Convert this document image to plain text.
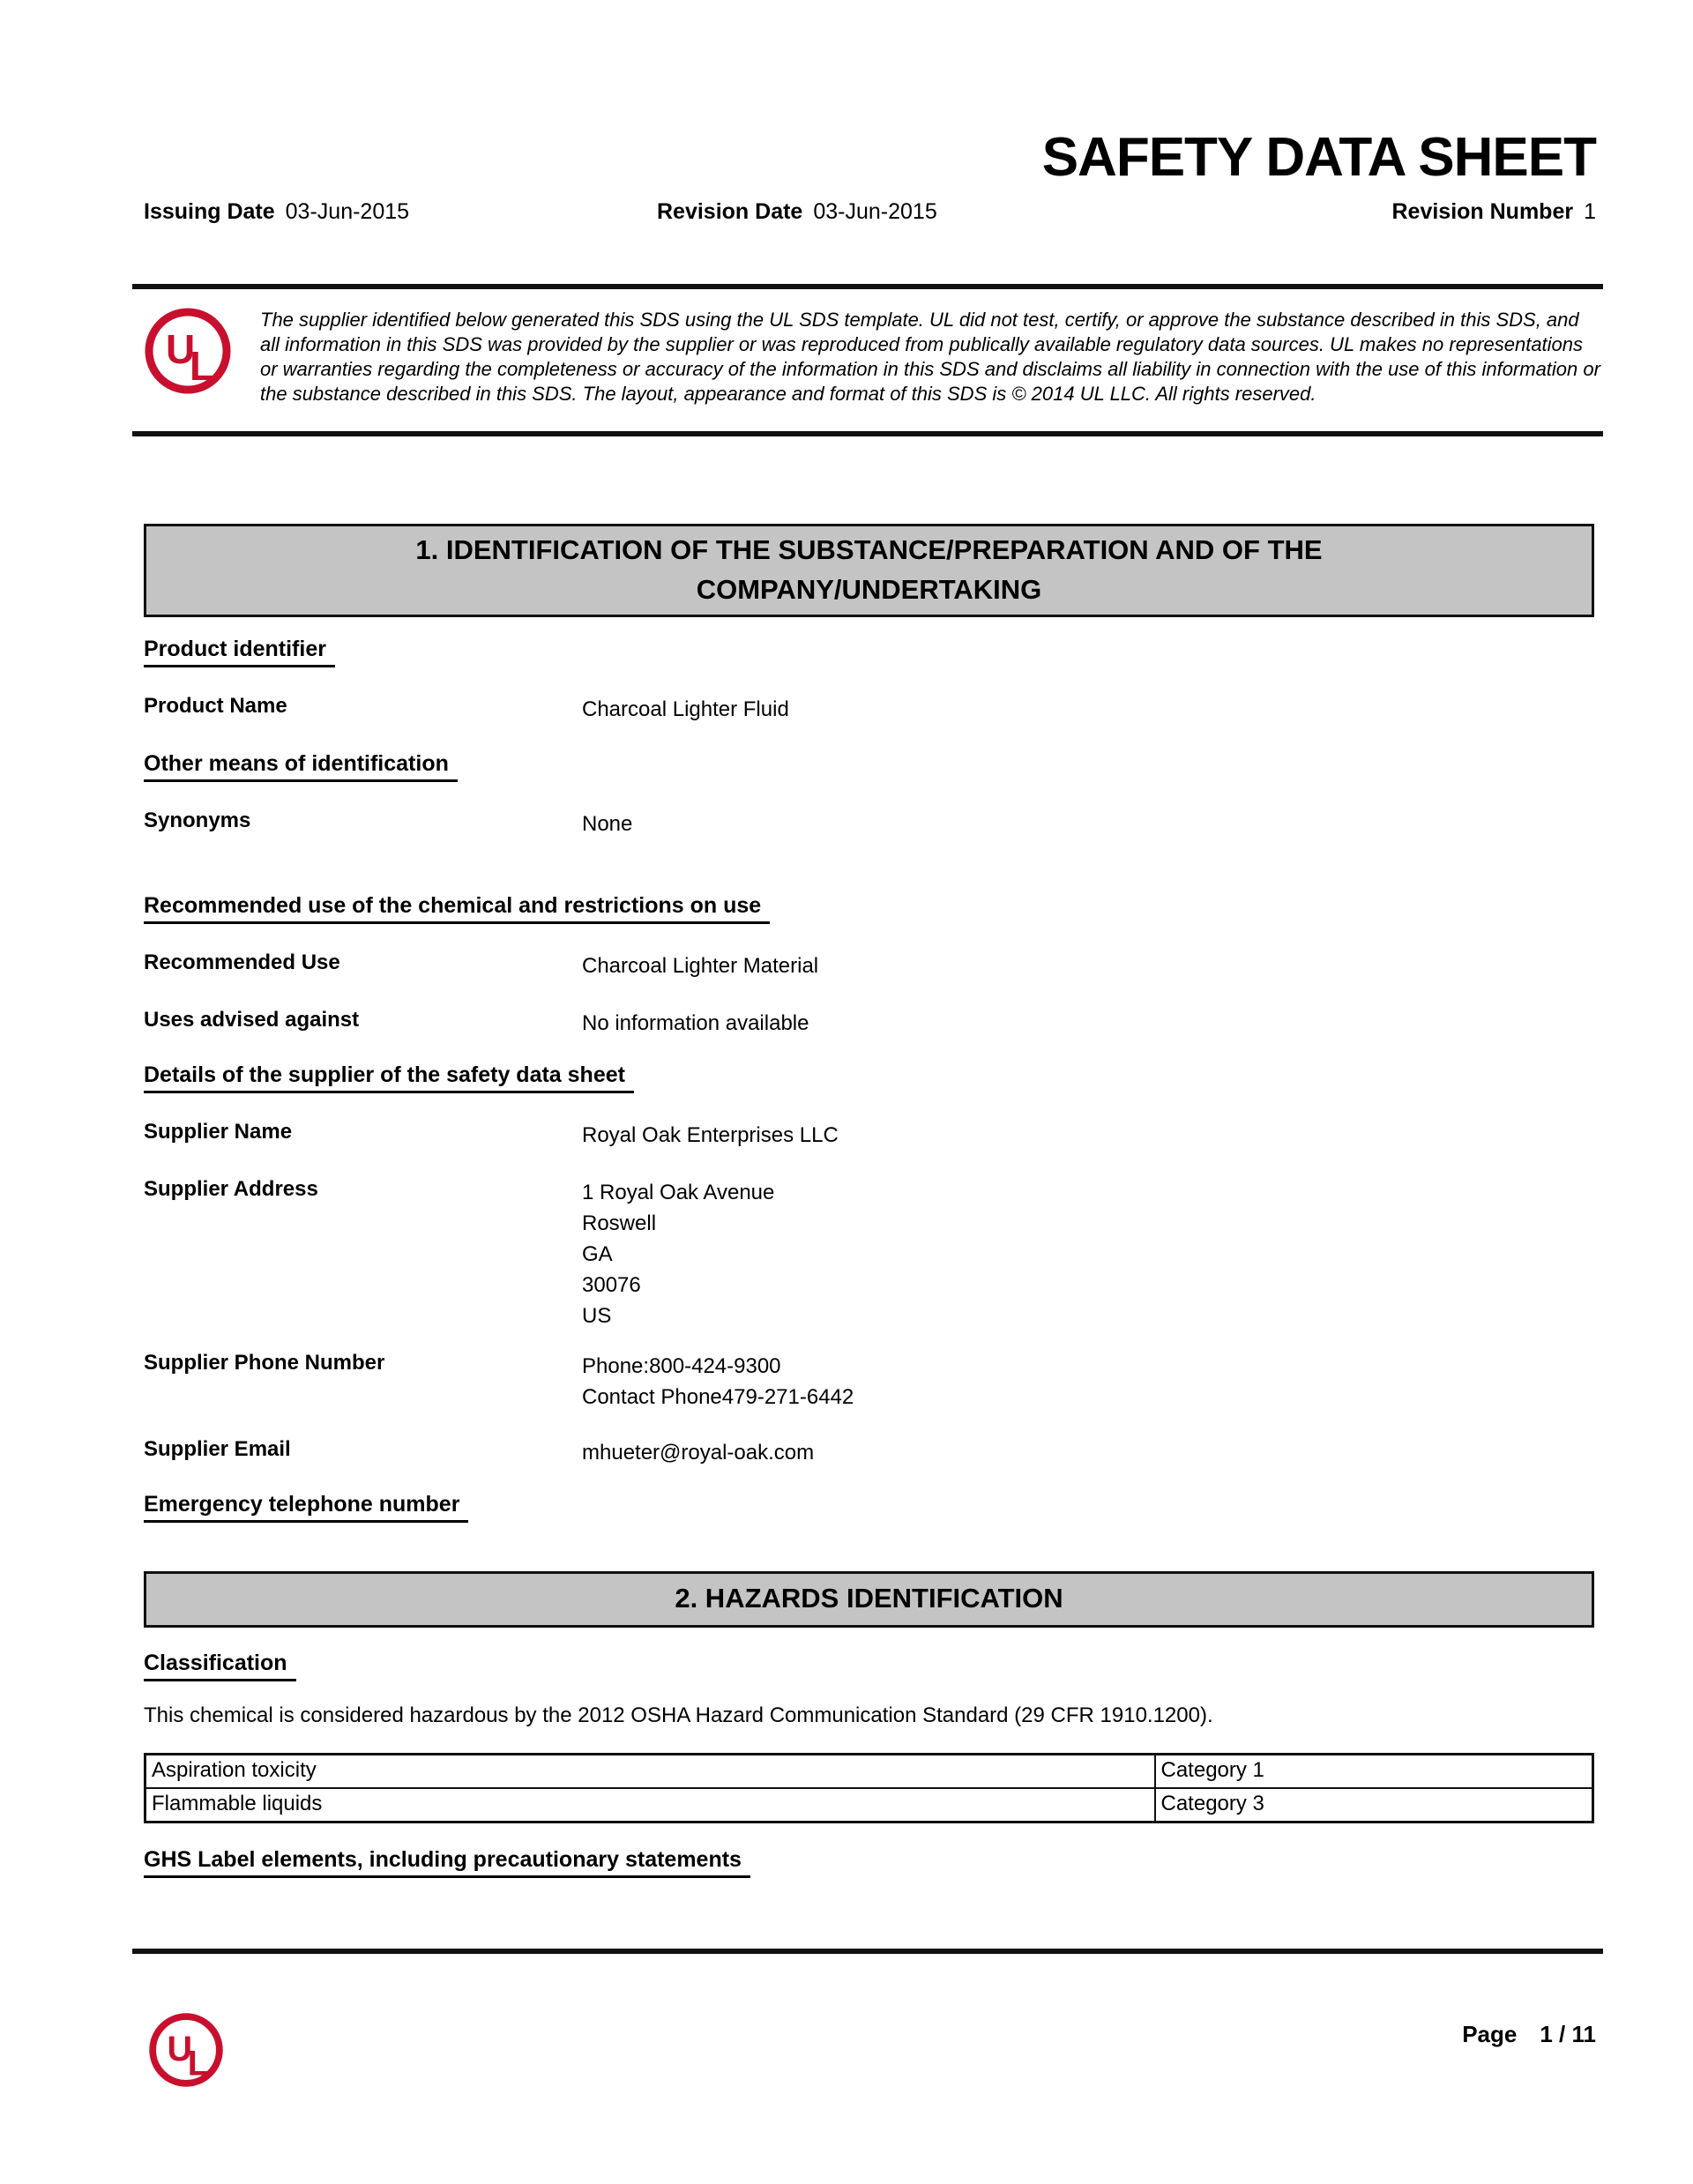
SAFETY DATA SHEET
Issuing Date 03-Jun-2015	Revision Date 03-Jun-2015	Revision Number 1
U
L
The supplier identified below generated this SDS using the UL SDS template. UL did not test, certify, or approve the substance described in this SDS, and all information in this SDS was provided by the supplier or was reproduced from publically available regulatory data sources. UL makes no representations or warranties regarding the completeness or accuracy of the information in this SDS and disclaims all liability in connection with the use of this information or the substance described in this SDS. The layout, appearance and format of this SDS is © 2014 UL LLC. All rights reserved.
1. IDENTIFICATION OF THE SUBSTANCE/PREPARATION AND OF THE
COMPANY/UNDERTAKING
Product identifier
Product Name	Charcoal Lighter Fluid
Other means of identification
Synonyms	None
Recommended use of the chemical and restrictions on use
Recommended Use	Charcoal Lighter Material
Uses advised against	No information available
Details of the supplier of the safety data sheet
Supplier Name	Royal Oak Enterprises LLC
Supplier Address	1 Royal Oak Avenue
Roswell
GA
30076
US
Supplier Phone Number	Phone:800-424-9300
Contact Phone479-271-6442
Supplier Email	mhueter@royal-oak.com
Emergency telephone number
2. HAZARDS IDENTIFICATION
Classification
This chemical is considered hazardous by the 2012 OSHA Hazard Communication Standard (29 CFR 1910.1200).
Aspiration toxicity	Category 1
Flammable liquids	Category 3
GHS Label elements, including precautionary statements
U
L
Page 1 / 11
